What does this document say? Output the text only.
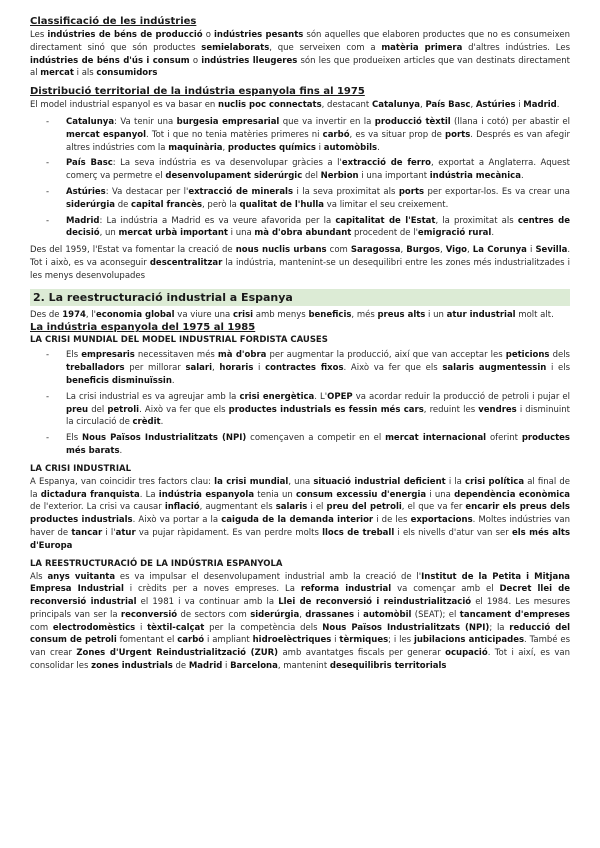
Classificació de les indústries

Les indústries de béns de producció o indústries pesants són aquelles que elaboren productes que no es consumeixen directament sinó que són productes semielaborats, que serveixen com a matèria primera d'altres indústries. Les indústries de béns d'ús i consum o indústries lleugeres són les que produeixen articles que van destinats directament al mercat i als consumidors

Distribució territorial de la indústria espanyola fins al 1975

El model industrial espanyol es va basar en nuclis poc connectats, destacant Catalunya, País Basc, Astúries i Madrid.

- Catalunya: Va tenir una burgesia empresarial que va invertir en la producció tèxtil (llana i cotó) per abastir el mercat espanyol. Tot i que no tenia matèries primeres ni carbó, es va situar prop de ports. Després es van afegir altres indústries com la maquinària, productes químics i automòbils.
- País Basc: La seva indústria es va desenvolupar gràcies a l'extracció de ferro, exportat a Anglaterra. Aquest comerç va permetre el desenvolupament siderúrgic del Nerbion i una important indústria mecànica.
- Astúries: Va destacar per l'extracció de minerals i la seva proximitat als ports per exportar-los. Es va crear una siderúrgia de capital francès, però la qualitat de l'hulla va limitar el seu creixement.
- Madrid: La indústria a Madrid es va veure afavorida per la capitalitat de l'Estat, la proximitat als centres de decisió, un mercat urbà important i una mà d'obra abundant procedent de l'emigració rural.

Des del 1959, l'Estat va fomentar la creació de nous nuclis urbans com Saragossa, Burgos, Vigo, La Corunya i Sevilla. Tot i això, es va aconseguir descentralitzar la indústria, mantenint-se un desequilibri entre les zones més industrialitzades i les menys desenvolupades

2. La reestructuració industrial a Espanya

Des de 1974, l'economia global va viure una crisi amb menys beneficis, més preus alts i un atur industrial molt alt.

La indústria espanyola del 1975 al 1985
LA CRISI MUNDIAL DEL MODEL INDUSTRIAL FORDISTA CAUSES
- Els empresaris necessitaven més mà d'obra per augmentar la producció, així que van acceptar les peticions dels treballadors per millorar salari, horaris i contractes fixos. Això va fer que els salaris augmentessin i els beneficis disminuïssin.
- La crisi industrial es va agreujar amb la crisi energètica. L'OPEP va acordar reduir la producció de petroli i pujar el preu del petroli. Això va fer que els productes industrials es fessin més cars, reduint les vendres i disminuint la circulació de crèdit.
- Els Nous Països Industrialitzats (NPI) començaven a competir en el mercat internacional oferint productes més barats.
LA CRISI INDUSTRIAL

A Espanya, van coincidir tres factors clau: la crisi mundial, una situació industrial deficient i la crisi política al final de la dictadura franquista. La indústria espanyola tenia un consum excessiu d'energia i una dependència econòmica de l'exterior. La crisi va causar inflació, augmentant els salaris i el preu del petroli, el que va fer encarir els preus dels productes industrials. Això va portar a la caiguda de la demanda interior i de les exportacions. Moltes indústries van haver de tancar i l'atur va pujar ràpidament. Es van perdre molts llocs de treball i els nivells d'atur van ser els més alts d'Europa

LA REESTRUCTURACIÓ DE LA INDÚSTRIA ESPANYOLA

Als anys vuitanta es va impulsar el desenvolupament industrial amb la creació de l'Institut de la Petita i Mitjana Empresa Industrial i crèdits per a noves empreses. La reforma industrial va començar amb el Decret llei de reconversió industrial el 1981 i va continuar amb la Llei de reconversió i reindustrialització el 1984. Les mesures principals van ser la reconversió de sectors com siderúrgia, drassanes i automòbil (SEAT); el tancament d'empreses com electrodomèstics i tèxtil-calçat per la competència dels Nous Països Industrialitzats (NPI); la reducció del consum de petroli fomentant el carbó i ampliant hidroelèctriques i tèrmiques; i les jubilacions anticipades. També es van crear Zones d'Urgent Reindustrialització (ZUR) amb avantatges fiscals per generar ocupació. Tot i així, es van consolidar les zones industrials de Madrid i Barcelona, mantenint desequilibris territorials
